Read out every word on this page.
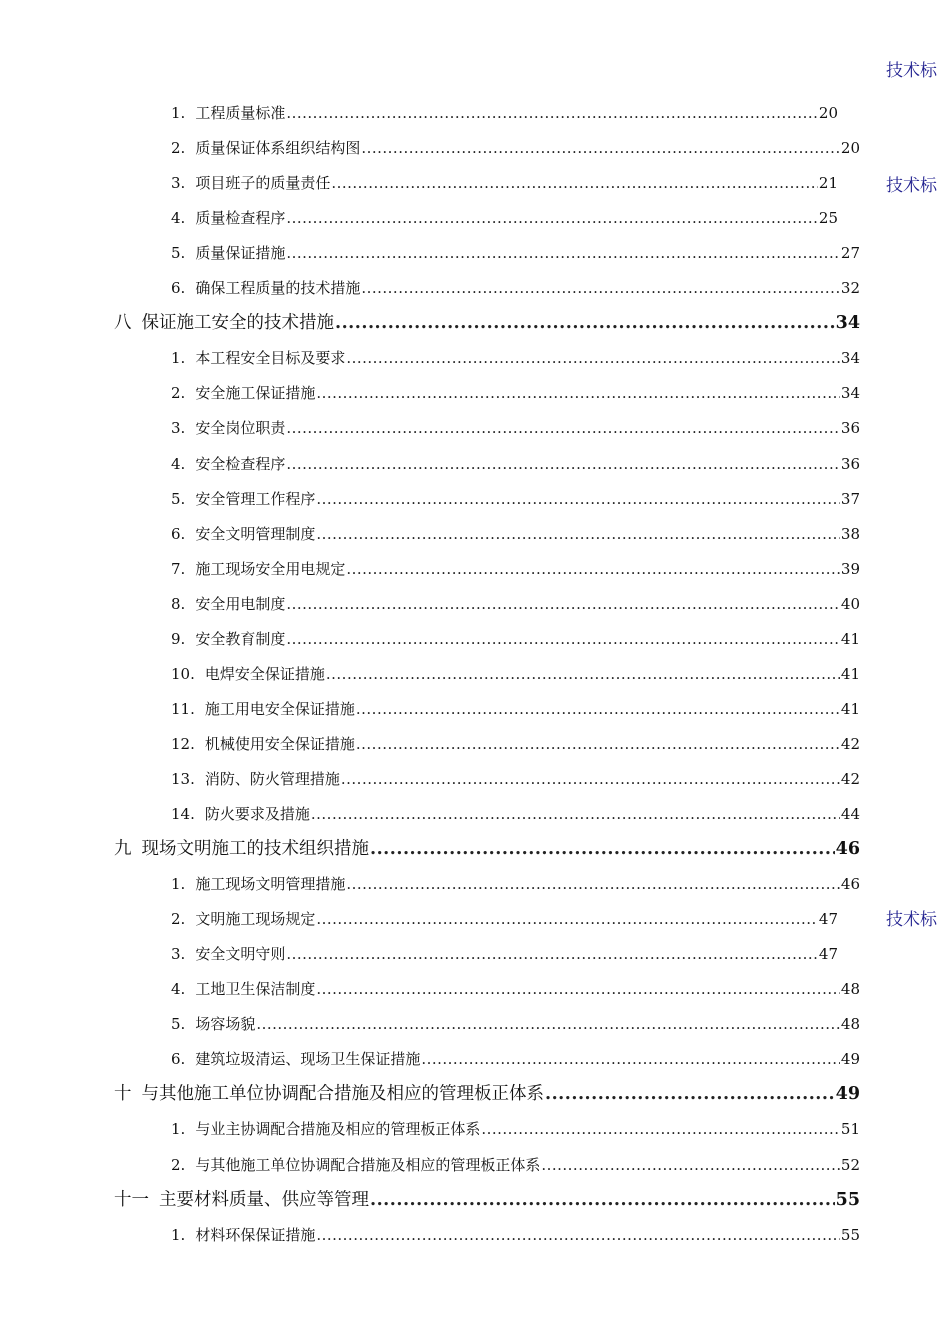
技术标
技术标
技术标
1. 工程质量标准 .....	20
2. 质量保证体系组织结构图 .....	20
3. 项目班子的质量责任 .....	21
4. 质量检查程序 .....	25
5. 质量保证措施 .....	27
6. 确保工程质量的技术措施 .....	32
八 保证施工安全的技术措施 .....	34
1. 本工程安全目标及要求 .....	34
2. 安全施工保证措施 .....	34
3. 安全岗位职责 .....	36
4. 安全检查程序 .....	36
5. 安全管理工作程序 .....	37
6. 安全文明管理制度 .....	38
7. 施工现场安全用电规定 .....	39
8. 安全用电制度 .....	40
9. 安全教育制度 .....	41
10. 电焊安全保证措施 .....	41
11. 施工用电安全保证措施 .....	41
12. 机械使用安全保证措施 .....	42
13. 消防、防火管理措施 .....	42
14. 防火要求及措施 .....	44
九 现场文明施工的技术组织措施 .....	46
1. 施工现场文明管理措施 .....	46
2. 文明施工现场规定 .....	47
3. 安全文明守则 .....	47
4. 工地卫生保洁制度 .....	48
5. 场容场貌 .....	48
6. 建筑垃圾清运、现场卫生保证措施 .....	49
十 与其他施工单位协调配合措施及相应的管理板正体系 .....	49
1. 与业主协调配合措施及相应的管理板正体系 .....	51
2. 与其他施工单位协调配合措施及相应的管理板正体系 .....	52
十一 主要材料质量、供应等管理 .....	55
1. 材料环保保证措施 .....	55
